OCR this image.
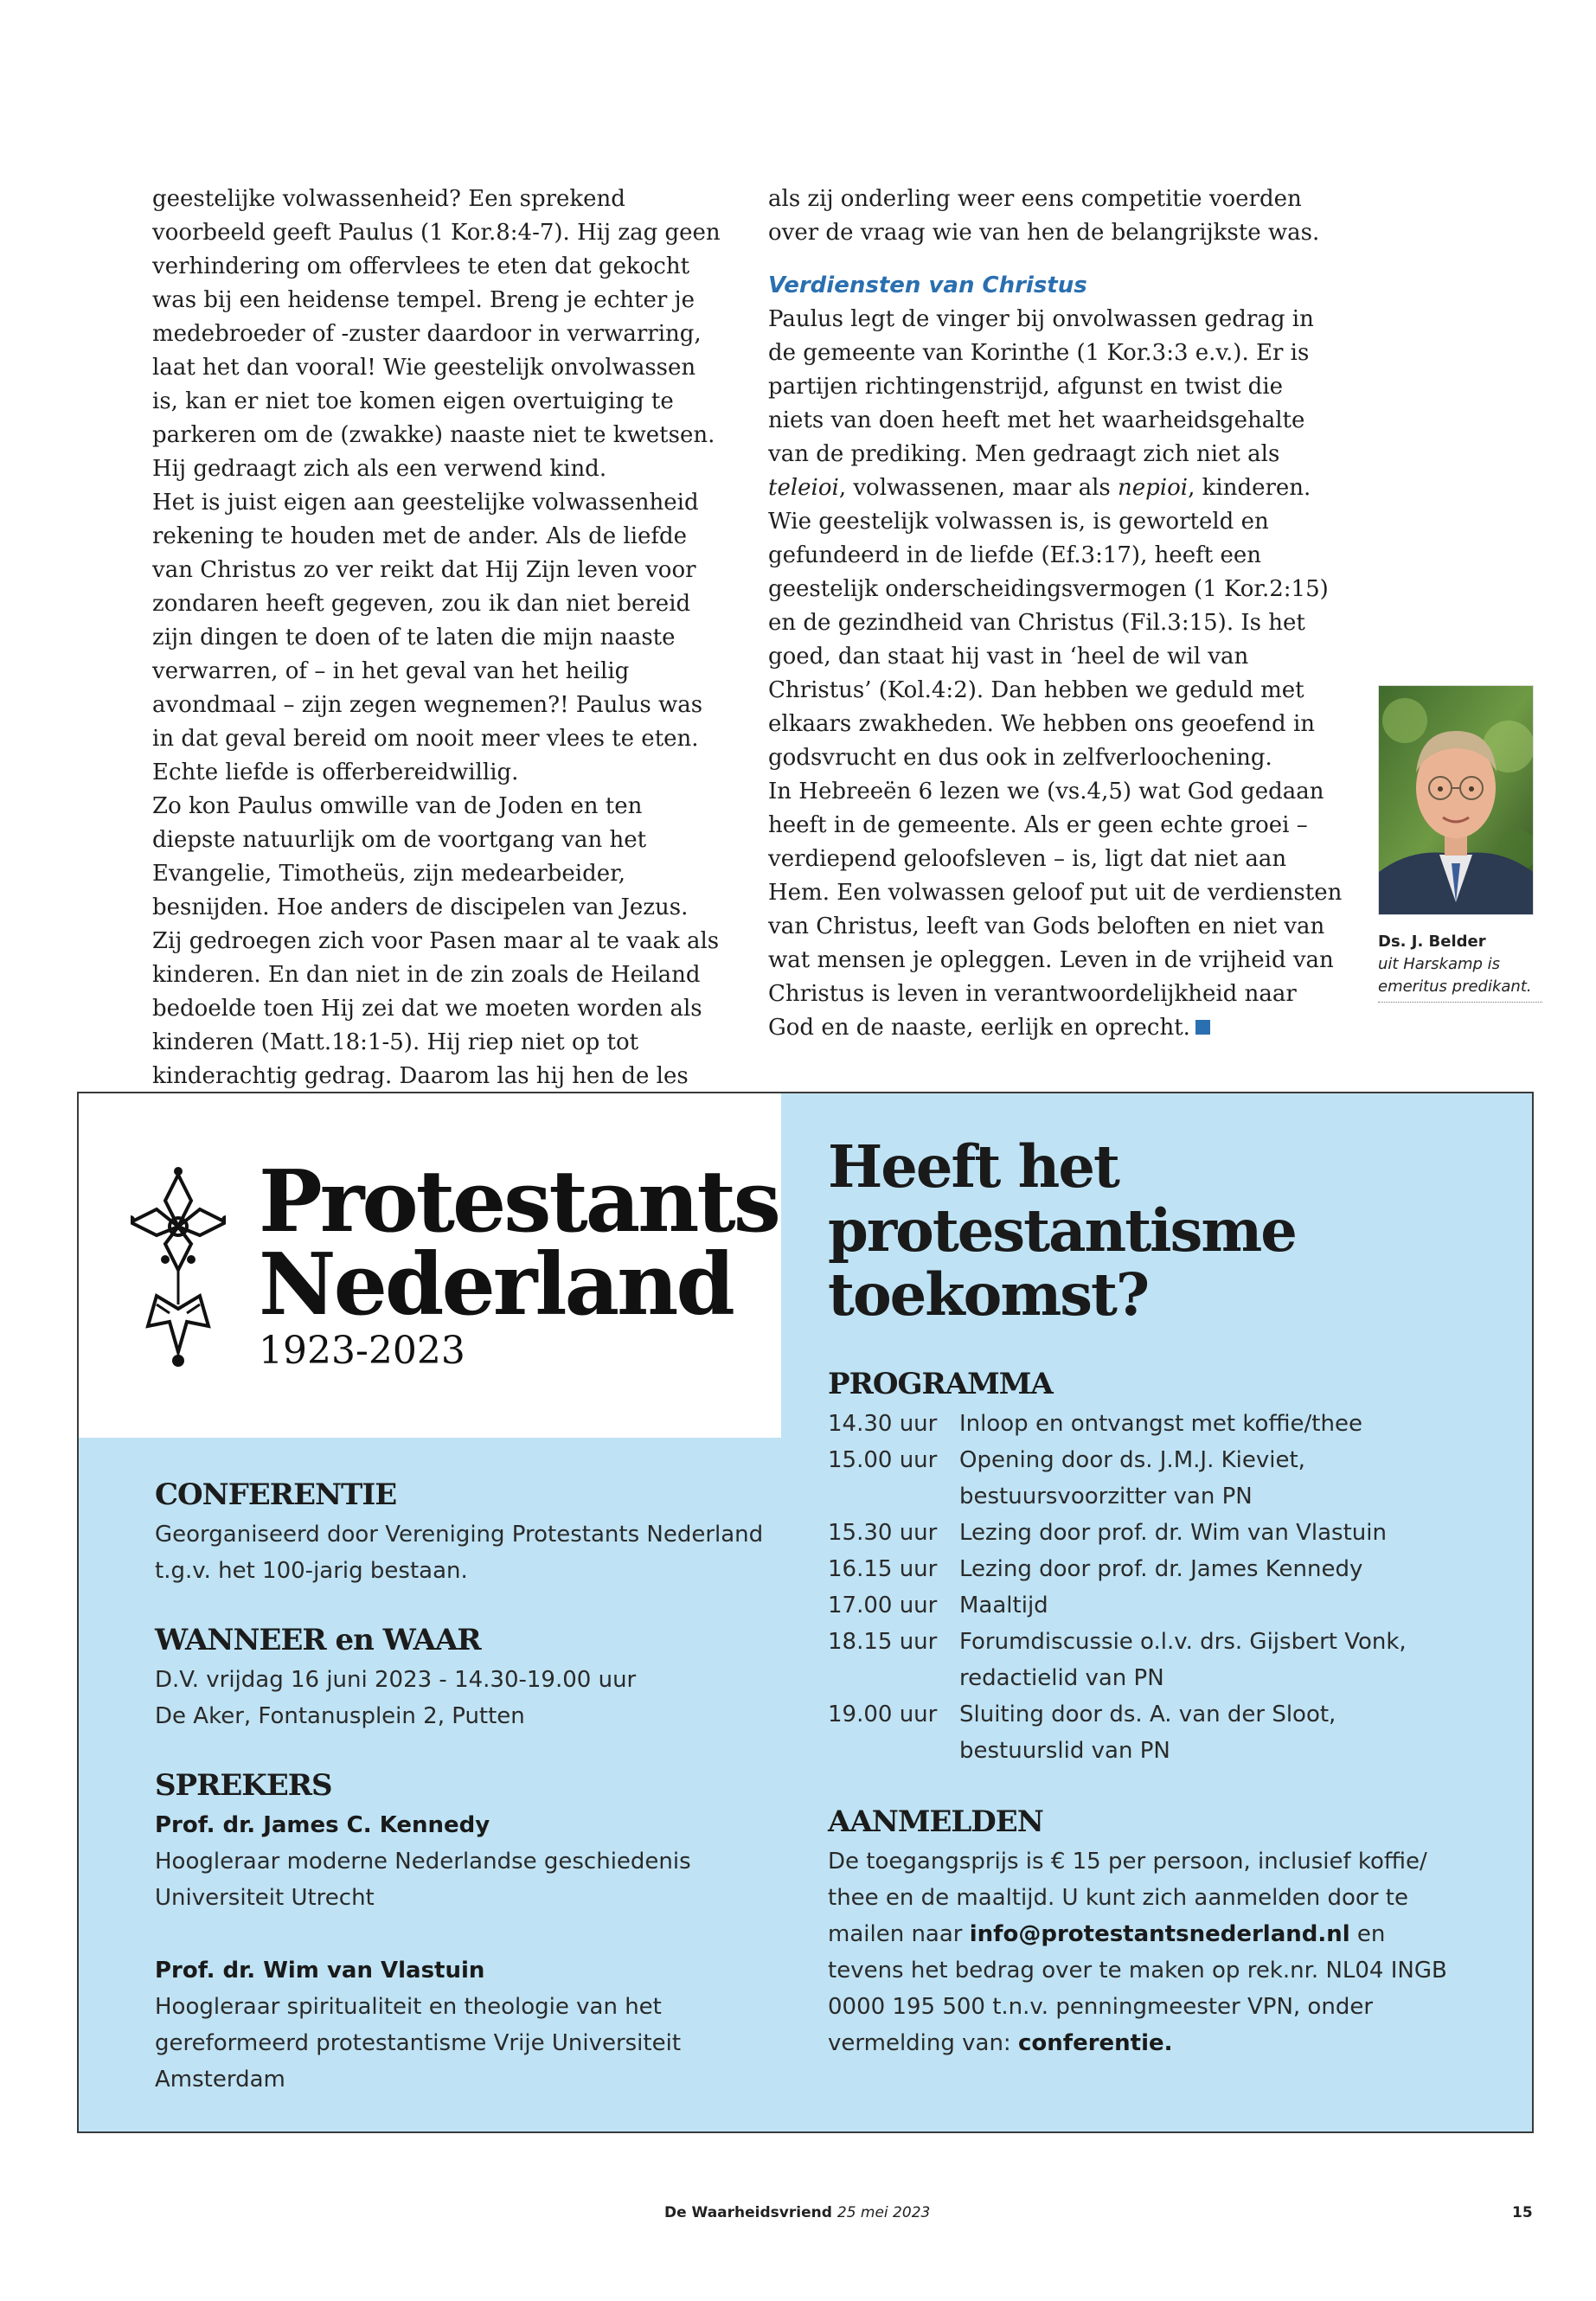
geestelijke volwassenheid? Een sprekend voorbeeld geeft Paulus (1 Kor.8:4-7). Hij zag geen verhindering om offervlees te eten dat gekocht was bij een heidense tempel. Breng je echter je medebroeder of -zuster daardoor in verwarring, laat het dan vooral! Wie geestelijk onvolwassen is, kan er niet toe komen eigen overtuiging te parkeren om de (zwakke) naaste niet te kwetsen. Hij gedraagt zich als een verwend kind.

Het is juist eigen aan geestelijke volwassenheid rekening te houden met de ander. Als de liefde van Christus zo ver reikt dat Hij Zijn leven voor zondaren heeft gegeven, zou ik dan niet bereid zijn dingen te doen of te laten die mijn naaste verwarren, of – in het geval van het heilig avondmaal – zijn zegen wegnemen?! Paulus was in dat geval bereid om nooit meer vlees te eten. Echte liefde is offerbereidwillig.

Zo kon Paulus omwille van de Joden en ten diepste natuurlijk om de voortgang van het Evangelie, Timotheüs, zijn medearbeider, besnijden. Hoe anders de discipelen van Jezus. Zij gedroegen zich voor Pasen maar al te vaak als kinderen. En dan niet in de zin zoals de Heiland bedoelde toen Hij zei dat we moeten worden als kinderen (Matt.18:1-5). Hij riep niet op tot kinderachtig gedrag. Daarom las hij hen de les

als zij onderling weer eens competitie voerden over de vraag wie van hen de belangrijkste was.

Verdiensten van Christus

Paulus legt de vinger bij onvolwassen gedrag in de gemeente van Korinthe (1 Kor.3:3 e.v.). Er is partijen richtingenstrijd, afgunst en twist die niets van doen heeft met het waarheidsgehalte van de prediking. Men gedraagt zich niet als teleioi, volwassenen, maar als nepioi, kinderen. Wie geestelijk volwassen is, is geworteld en gefundeerd in de liefde (Ef.3:17), heeft een geestelijk onderscheidingsvermogen (1 Kor.2:15) en de gezindheid van Christus (Fil.3:15). Is het goed, dan staat hij vast in ‘heel de wil van Christus’ (Kol.4:2). Dan hebben we geduld met elkaars zwakheden. We hebben ons geoefend in godsvrucht en dus ook in zelfverloochening.

In Hebreeën 6 lezen we (vs.4,5) wat God gedaan heeft in de gemeente. Als er geen echte groei – verdiepend geloofsleven – is, ligt dat niet aan Hem. Een volwassen geloof put uit de verdiensten van Christus, leeft van Gods beloften en niet van wat mensen je opleggen. Leven in de vrijheid van Christus is leven in verantwoordelijkheid naar God en de naaste, eerlijk en oprecht.

Ds. J. Belder

uit Harskamp is emeritus predikant.
Protestants
Nederland
1923-2023
Heeft het
protestantisme
toekomst?
CONFERENTIE
Georganiseerd door Vereniging Protestants Nederland t.g.v. het 100-jarig bestaan.
WANNEER en WAAR
D.V. vrijdag 16 juni 2023 - 14.30-19.00 uur
De Aker, Fontanusplein 2, Putten
SPREKERS
Prof. dr. James C. Kennedy
Hoogleraar moderne Nederlandse geschiedenis Universiteit Utrecht
Prof. dr. Wim van Vlastuin
Hoogleraar spiritualiteit en theologie van het gereformeerd protestantisme Vrije Universiteit Amsterdam
PROGRAMMA
14.30 uur Inloop en ontvangst met koffie/thee
15.00 uur Opening door ds. J.M.J. Kieviet, bestuursvoorzitter van PN
15.30 uur Lezing door prof. dr. Wim van Vlastuin
16.15 uur Lezing door prof. dr. James Kennedy
17.00 uur Maaltijd
18.15 uur Forumdiscussie o.l.v. drs. Gijsbert Vonk, redactielid van PN
19.00 uur Sluiting door ds. A. van der Sloot, bestuurslid van PN
AANMELDEN
De toegangsprijs is € 15 per persoon, inclusief koffie/ thee en de maaltijd. U kunt zich aanmelden door te mailen naar info@protestantsnederland.nl en tevens het bedrag over te maken op rek.nr. NL04 INGB 0000 195 500 t.n.v. penningmeester VPN, onder vermelding van: conferentie.
De Waarheidsvriend 25 mei 2023	15
